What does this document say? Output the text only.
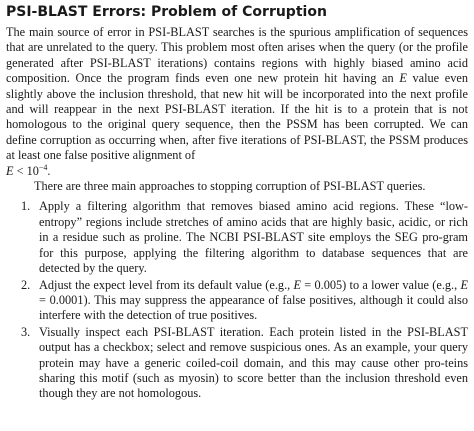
PSI-BLAST Errors: Problem of Corruption

The main source of error in PSI-BLAST searches is the spurious amplification of sequences that are unrelated to the query. This problem most often arises when the query (or the profile generated after PSI-BLAST iterations) contains regions with highly biased amino acid composition. Once the program finds even one new protein hit having an E value even slightly above the inclusion threshold, that new hit will be incorporated into the next profile and will reappear in the next PSI-BLAST iteration. If the hit is to a protein that is not homologous to the original query sequence, then the PSSM has been corrupted. We can define corruption as occurring when, after five iterations of PSI-BLAST, the PSSM produces at least one false positive alignment of
$E < 10^{-4}$.

There are three main approaches to stopping corruption of PSI-BLAST queries.

1. Apply a filtering algorithm that removes biased amino acid regions. These “low-entropy” regions include stretches of amino acids that are highly basic, acidic, or rich in a residue such as proline. The NCBI PSI-BLAST site employs the SEG pro-gram for this purpose, applying the filtering algorithm to database sequences that are detected by the query.
2. Adjust the expect level from its default value (e.g., E = 0.005) to a lower value (e.g., E = 0.0001). This may suppress the appearance of false positives, although it could also interfere with the detection of true positives.
3. Visually inspect each PSI-BLAST iteration. Each protein listed in the PSI-BLAST output has a checkbox; select and remove suspicious ones. As an example, your query protein may have a generic coiled-coil domain, and this may cause other pro-teins sharing this motif (such as myosin) to score better than the inclusion threshold even though they are not homologous.
